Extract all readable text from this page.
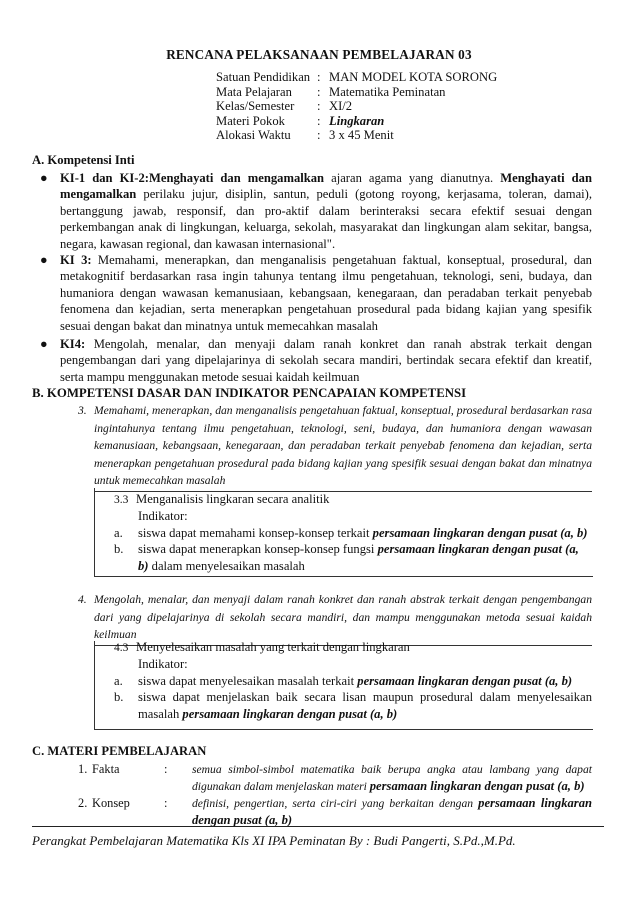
RENCANA PELAKSANAAN PEMBELAJARAN 03
Satuan Pendidikan : MAN MODEL KOTA SORONG
Mata Pelajaran	: Matematika Peminatan
Kelas/Semester	: XI/2
Materi Pokok	: Lingkaran
Alokasi Waktu	: 3 x 45 Menit
A. Kompetensi Inti
● KI-1 dan KI-2:Menghayati dan mengamalkan ajaran agama yang dianutnya. Menghayati dan mengamalkan perilaku jujur, disiplin, santun, peduli (gotong royong, kerjasama, toleran, damai), bertanggung jawab, responsif, dan pro-aktif dalam berinteraksi secara efektif sesuai dengan perkembangan anak di lingkungan, keluarga, sekolah, masyarakat dan lingkungan alam sekitar, bangsa, negara, kawasan regional, dan kawasan internasional".
● KI 3: Memahami, menerapkan, dan menganalisis pengetahuan faktual, konseptual, prosedural, dan metakognitif berdasarkan rasa ingin tahunya tentang ilmu pengetahuan, teknologi, seni, budaya, dan humaniora dengan wawasan kemanusiaan, kebangsaan, kenegaraan, dan peradaban terkait penyebab fenomena dan kejadian, serta menerapkan pengetahuan prosedural pada bidang kajian yang spesifik sesuai dengan bakat dan minatnya untuk memecahkan masalah
● KI4: Mengolah, menalar, dan menyaji dalam ranah konkret dan ranah abstrak terkait dengan pengembangan dari yang dipelajarinya di sekolah secara mandiri, bertindak secara efektif dan kreatif, serta mampu menggunakan metode sesuai kaidah keilmuan
B. KOMPETENSI DASAR DAN INDIKATOR PENCAPAIAN KOMPETENSI
3. Memahami, menerapkan, dan menganalisis pengetahuan faktual, konseptual, prosedural berdasarkan rasa ingintahunya tentang ilmu pengetahuan, teknologi, seni, budaya, dan humaniora dengan wawasan kemanusiaan, kebangsaan, kenegaraan, dan peradaban terkait penyebab fenomena dan kejadian, serta menerapkan pengetahuan prosedural pada bidang kajian yang spesifik sesuai dengan bakat dan minatnya untuk memecahkan masalah
3.3 Menganalisis lingkaran secara analitik
Indikator:
a. siswa dapat memahami konsep-konsep terkait persamaan lingkaran dengan pusat (a, b)
b. siswa dapat menerapkan konsep-konsep fungsi persamaan lingkaran dengan pusat (a, b) dalam menyelesaikan masalah
4. Mengolah, menalar, dan menyaji dalam ranah konkret dan ranah abstrak terkait dengan pengembangan dari yang dipelajarinya di sekolah secara mandiri, dan mampu menggunakan metoda sesuai kaidah keilmuan
4.3 Menyelesaikan masalah yang terkait dengan lingkaran
Indikator:
a. siswa dapat menyelesaikan masalah terkait persamaan lingkaran dengan pusat (a, b)
b. siswa dapat menjelaskan baik secara lisan maupun prosedural dalam menyelesaikan masalah persamaan lingkaran dengan pusat (a, b)
C. MATERI PEMBELAJARAN
1. Fakta	: semua simbol-simbol matematika baik berupa angka atau lambang yang dapat digunakan dalam menjelaskan materi persamaan lingkaran dengan pusat (a, b)
2. Konsep	: definisi, pengertian, serta ciri-ciri yang berkaitan dengan persamaan lingkaran dengan pusat (a, b)
Perangkat Pembelajaran Matematika Kls XI IPA Peminatan By : Budi Pangerti, S.Pd.,M.Pd.
